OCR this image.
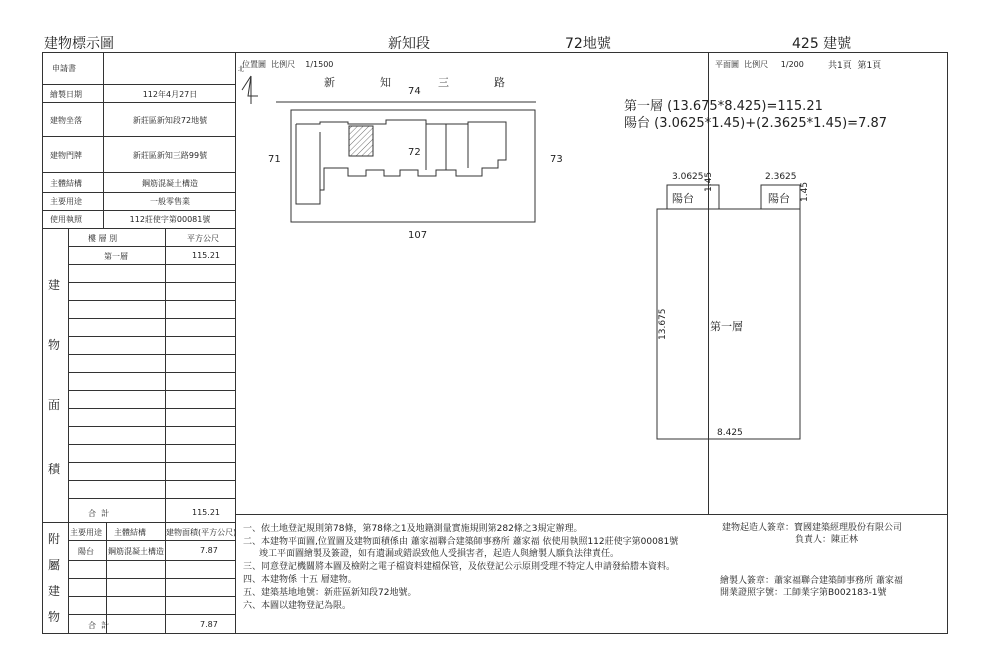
建物標示圖	新知段	72地號	425 建號
申請書
繪製日期	112年4月27日
建物坐落	新莊區新知段72地號
建物門牌	新莊區新知三路99號
主體結構	鋼筋混凝土構造
主要用途	一般零售業
使用執照	112莊使字第00081號
樓 層 別	平方公尺
第一層	115.21
建
物
面
積
合  計	115.21
主要用途 主體結構	建物面積(平方公尺)
陽台 鋼筋混凝土構造	7.87
附
屬
建
物
合  計	7.87
位置圖  比例尺    1/1500
北
新	知	三	路
74
71
72
73
107
平面圖  比例尺     1/200	共1頁  第1頁
第一層 (13.675*8.425)=115.21
陽台 (3.0625*1.45)+(2.3625*1.45)=7.87
3.0625	2.3625
陽台	陽台
1.45	1.45
第一層
13.675
8.425
一、依土地登記規則第78條，第78條之1及地籍測量實施規則第282條之3規定辦理。
二、本建物平面圖,位置圖及建物面積係由 蕭家福聯合建築師事務所 蕭家福 依使用執照112莊使字第00081號
竣工平面圖繪製及簽證，如有遺漏或錯誤致他人受損害者，起造人與繪製人願負法律責任。
三、同意登記機關將本圖及檢附之電子檔資料建檔保管，及依登記公示原則受理不特定人申請發給謄本資料。
四、本建物係 十五 層建物。
五、建築基地地號：新莊區新知段72地號。
六、本圖以建物登記為限。
建物起造人簽章：寶國建築經理股份有限公司
負責人：陳正林
繪製人簽章：蕭家福聯合建築師事務所 蕭家福
開業證照字號：工師業字第B002183-1號
